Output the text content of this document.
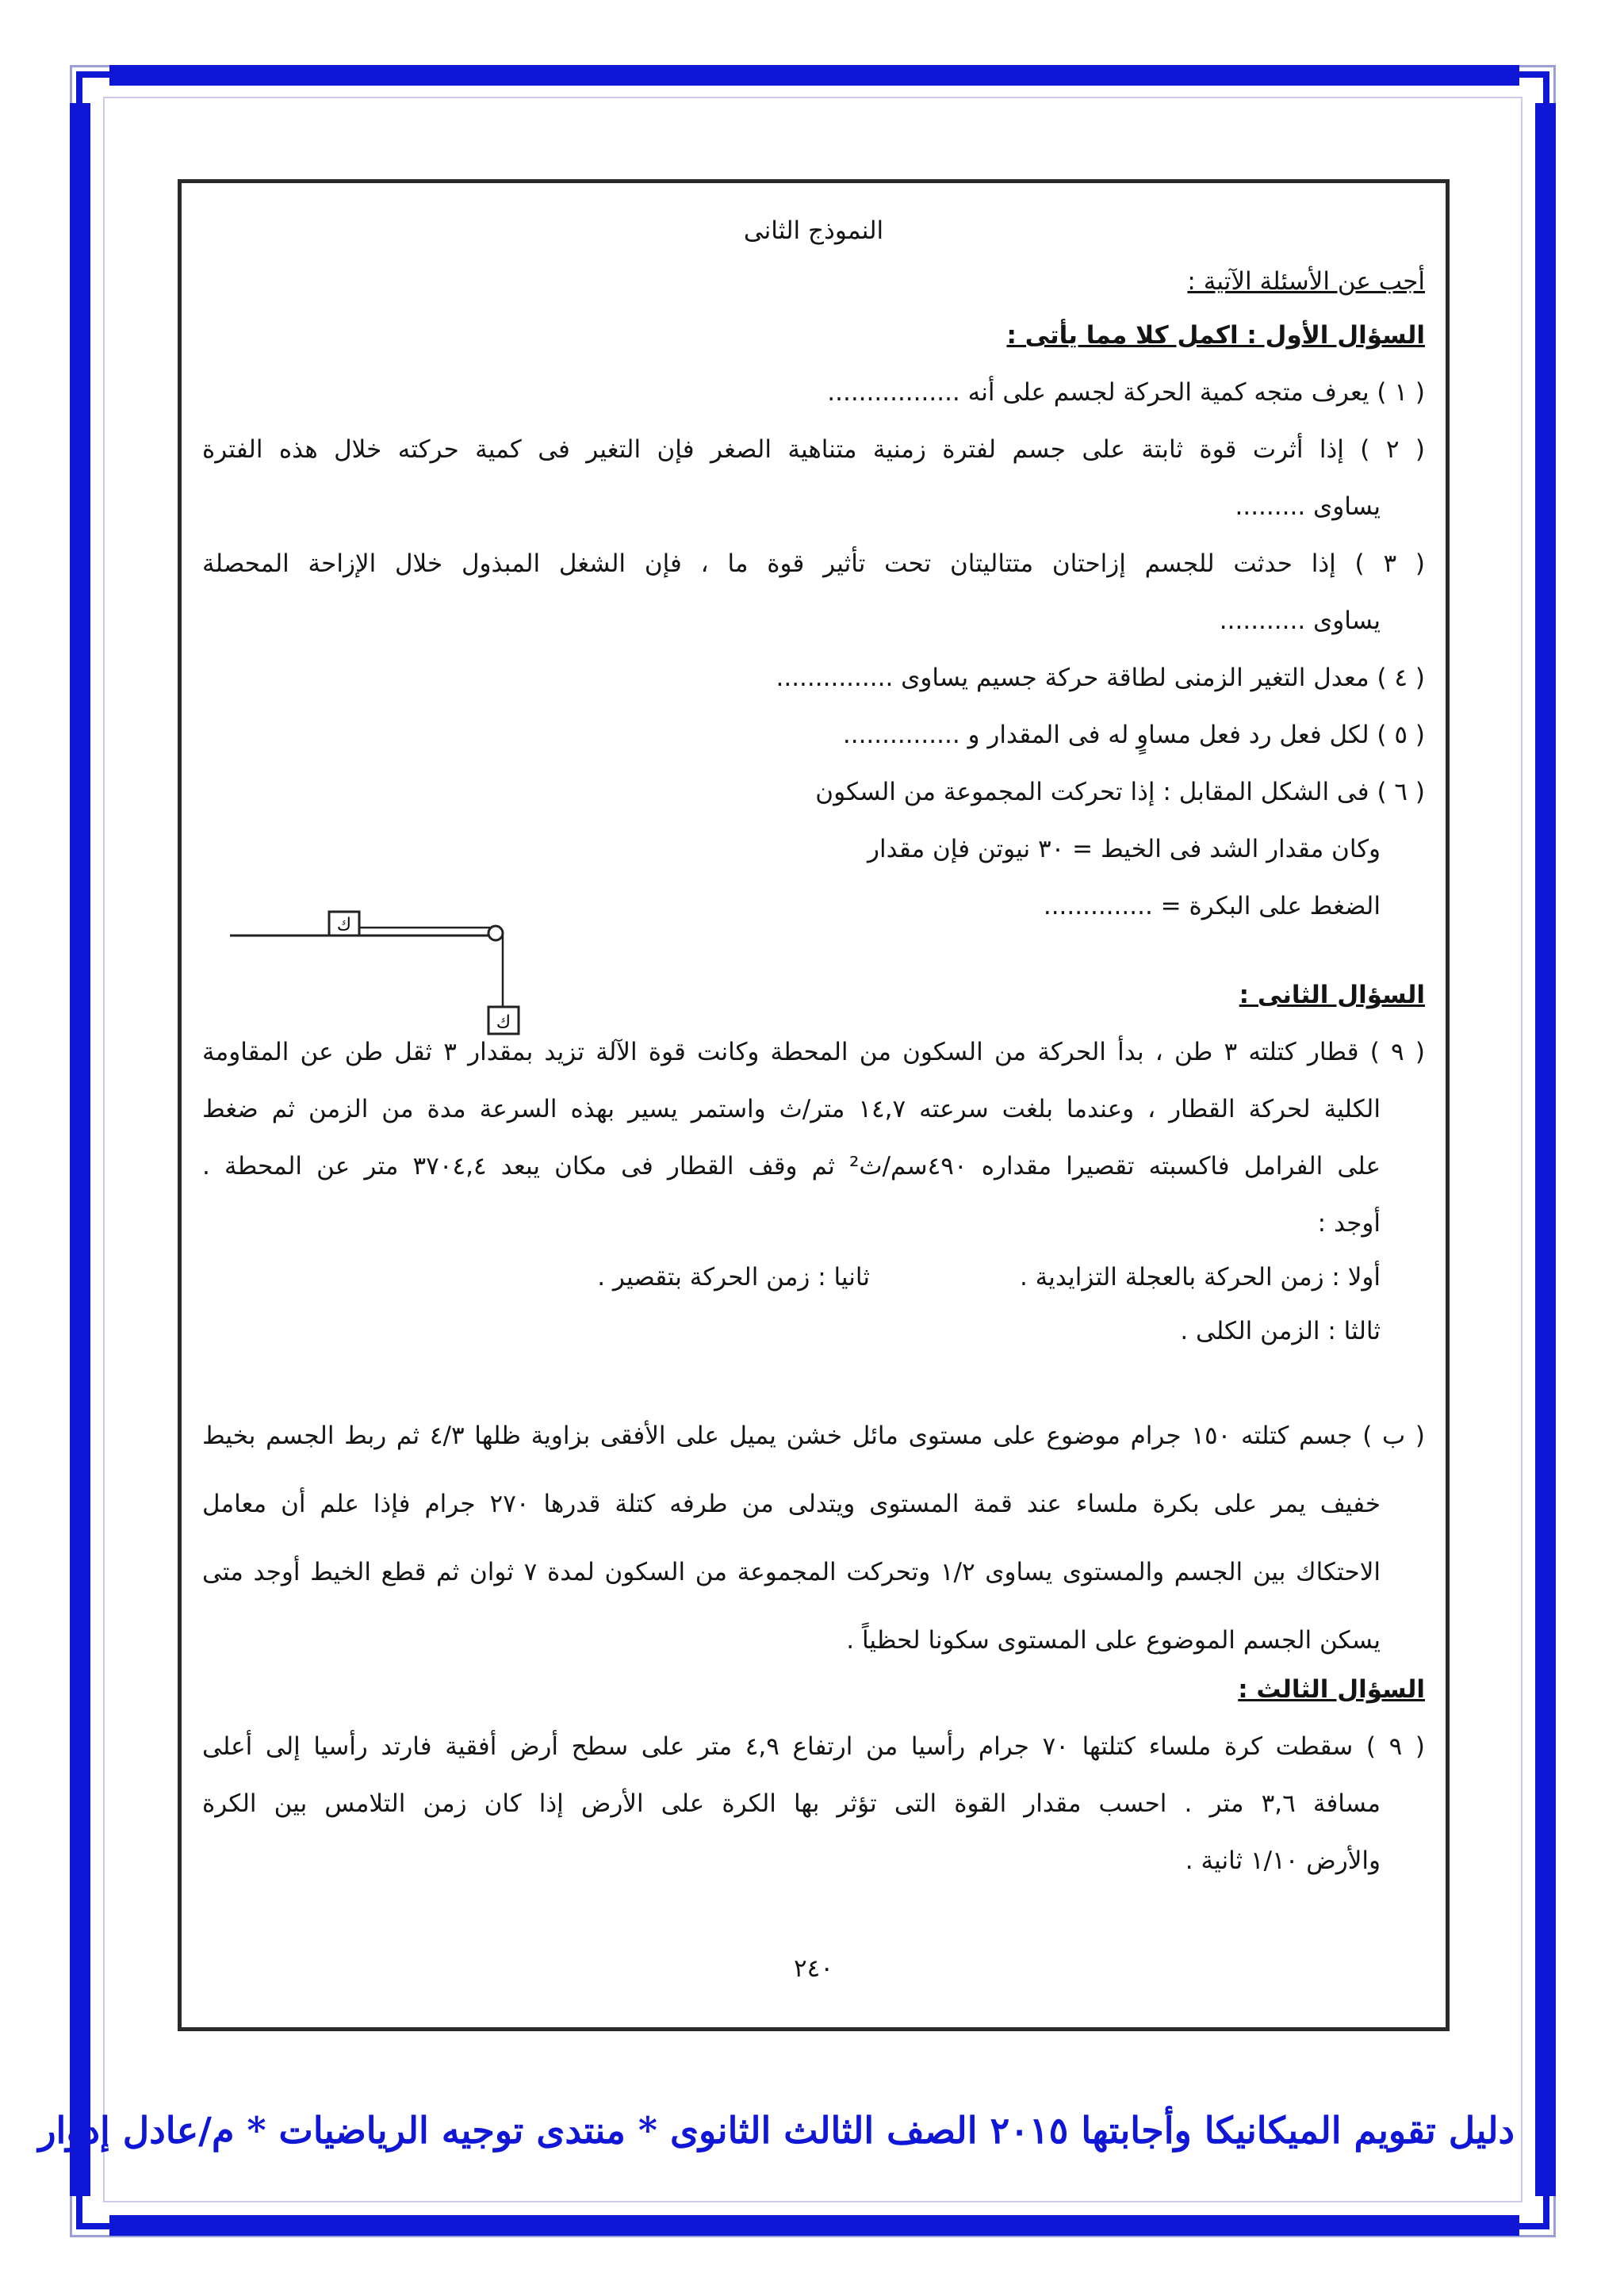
النموذج الثانى
أجب عن الأسئلة الآتية :
السؤال الأول : اكمل كلا مما يأتى :
( ١ ) يعرف متجه كمية الحركة لجسم على أنه .................
( ٢ ) إذا أثرت قوة ثابتة على جسم لفترة زمنية متناهية الصغر فإن التغير فى كمية حركته خلال هذه الفترة
يساوى .........
( ٣ ) إذا حدثت للجسم إزاحتان متتاليتان تحت تأثير قوة ما ، فإن الشغل المبذول خلال الإزاحة المحصلة
يساوى ...........
( ٤ ) معدل التغير الزمنى لطاقة حركة جسيم يساوى ...............
( ٥ ) لكل فعل رد فعل مساوٍ له فى المقدار و ...............
( ٦ ) فى الشكل المقابل : إذا تحركت المجموعة من السكون
وكان مقدار الشد فى الخيط = ٣٠ نيوتن فإن مقدار
الضغط على البكرة = ..............
السؤال الثانى :
( ٩ ) قطار كتلته ٣ طن ، بدأ الحركة من السكون من المحطة وكانت قوة الآلة تزيد بمقدار ٣ ثقل طن عن المقاومة
الكلية لحركة القطار ، وعندما بلغت سرعته ١٤,٧ متر/ث واستمر يسير بهذه السرعة مدة من الزمن ثم ضغط
على الفرامل فاكسبته تقصيرا مقداره ٤٩٠سم/ث² ثم وقف القطار فى مكان يبعد ٣٧٠٤,٤ متر عن المحطة .
أوجد :
أولا : زمن الحركة بالعجلة التزايدية .
ثانيا : زمن الحركة بتقصير .
ثالثا : الزمن الكلى .
( ب ) جسم كتلته ١٥٠ جرام موضوع على مستوى مائل خشن يميل على الأفقى بزاوية ظلها ٤/٣ ثم ربط الجسم بخيط
خفيف يمر على بكرة ملساء عند قمة المستوى ويتدلى من طرفه كتلة قدرها ٢٧٠ جرام فإذا علم أن معامل
الاحتكاك بين الجسم والمستوى يساوى ١/٢ وتحركت المجموعة من السكون لمدة ٧ ثوان ثم قطع الخيط أوجد متى
يسكن الجسم الموضوع على المستوى سكونا لحظياً .
السؤال الثالث :
( ٩ ) سقطت كرة ملساء كتلتها ٧٠ جرام رأسيا من ارتفاع ٤,٩ متر على سطح أرض أفقية فارتد رأسيا إلى أعلى
مسافة ٣,٦ متر . احسب مقدار القوة التى تؤثر بها الكرة على الأرض إذا كان زمن التلامس بين الكرة
والأرض ١/١٠ ثانية .
٢٤٠
ك
ك
دليل تقويم الميكانيكا وأجابتها ٢٠١٥ الصف الثالث الثانوى * منتدى توجيه الرياضيات * م/عادل إدوار
